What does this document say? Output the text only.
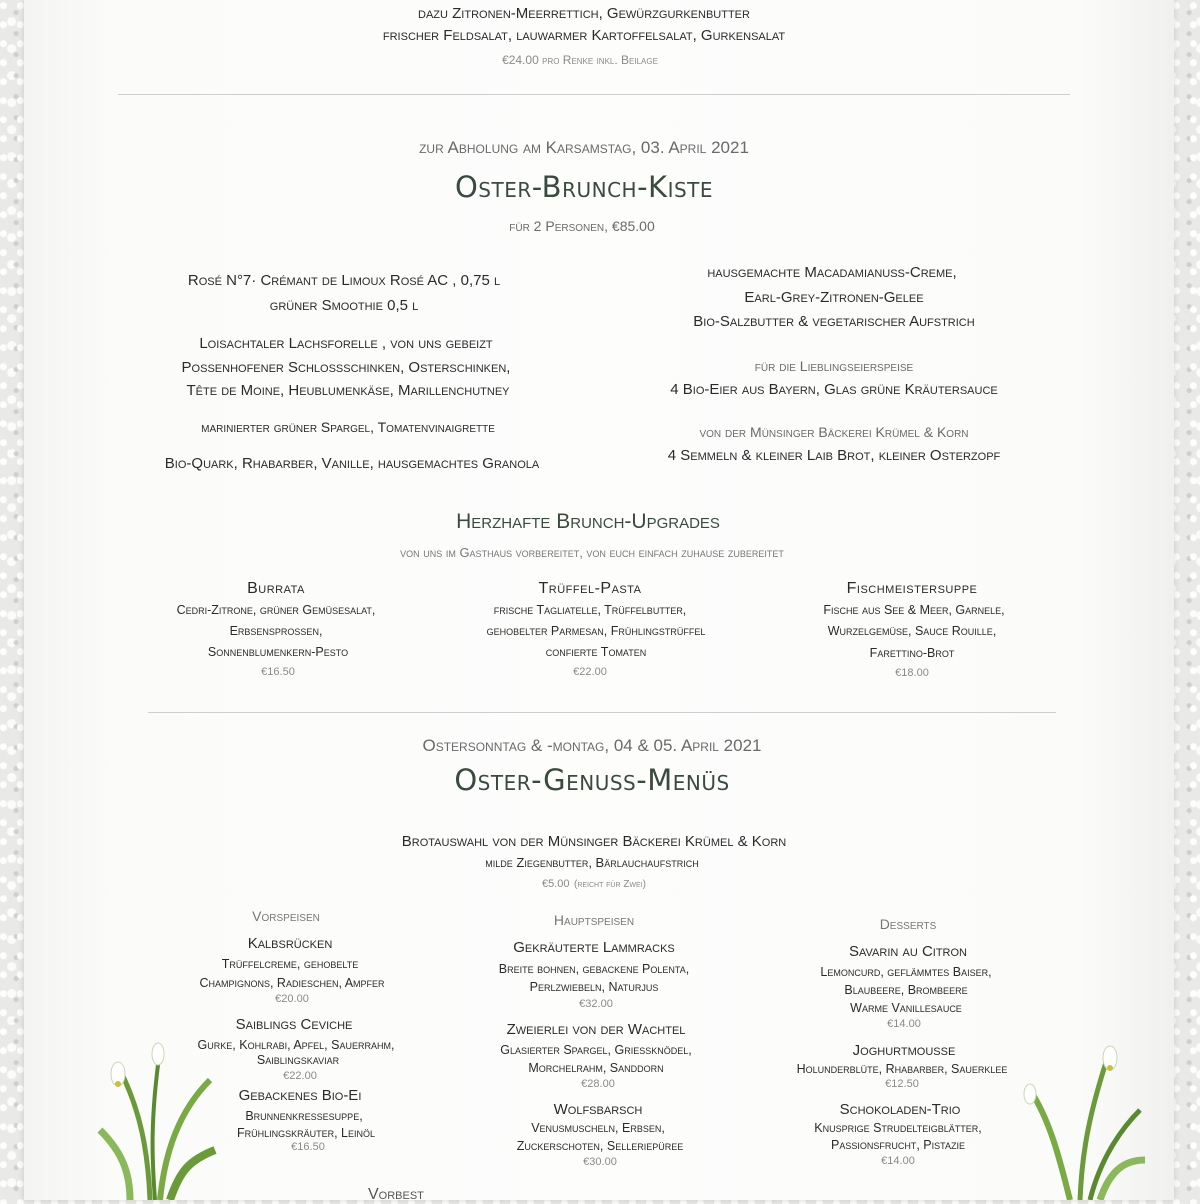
dazu Zitronen-Meerrettich, Gewürzgurkenbutter
frischer Feldsalat, lauwarmer Kartoffelsalat, Gurkensalat
€24.00 pro Renke inkl. Beilage
zur Abholung am Karsamstag, 03. April 2021
Oster-Brunch-Kiste
für 2 Personen, €85.00
Rosé N°7· Crémant de Limoux Rosé AC , 0,75 l
grüner Smoothie 0,5 l
Loisachtaler Lachsforelle , von uns gebeizt
Possenhofener Schlossschinken, Osterschinken,
Tête de Moine, Heublumenkäse, Marillenchutney
marinierter grüner Spargel, Tomatenvinaigrette
Bio-Quark, Rhabarber, Vanille, hausgemachtes Granola
hausgemachte Macadamianuss-Creme,
Earl-Grey-Zitronen-Gelee
Bio-Salzbutter & vegetarischer Aufstrich
für die Lieblingseierspeise
4 Bio-Eier aus Bayern, Glas grüne Kräutersauce
von der Münsinger Bäckerei Krümel & Korn
4 Semmeln & kleiner Laib Brot, kleiner Osterzopf
Herzhafte Brunch-Upgrades
von uns im Gasthaus vorbereitet, von euch einfach zuhause zubereitet
Burrata
Cedri-Zitrone, grüner Gemüsesalat,
Erbsensprossen,
Sonnenblumenkern-Pesto
€16.50
Trüffel-Pasta
frische Tagliatelle, Trüffelbutter,
gehobelter Parmesan, Frühlingstrüffel
confierte Tomaten
€22.00
Fischmeistersuppe
Fische aus See & Meer, Garnele,
Wurzelgemüse, Sauce Rouille,
Farettino-Brot
€18.00
Ostersonntag & -montag, 04 & 05. April 2021
Oster-Genuss-Menüs
Brotauswahl von der Münsinger Bäckerei Krümel & Korn
milde Ziegenbutter, Bärlauchaufstrich
€5.00 (reicht für Zwei)
Vorspeisen
Kalbsrücken
Trüffelcreme, gehobelte
Champignons, Radieschen, Ampfer
€20.00
Saiblings Ceviche
Gurke, Kohlrabi, Apfel, Sauerrahm,
Saiblingskaviar
€22.00
Gebackenes Bio-Ei
Brunnenkressesuppe,
Frühlingskräuter, Leinöl
€16.50
Hauptspeisen
Gekräuterte Lammracks
Breite bohnen, gebackene Polenta,
Perlzwiebeln, Naturjus
€32.00
Zweierlei von der Wachtel
Glasierter Spargel, Griessknödel,
Morchelrahm, Sanddorn
€28.00
Wolfsbarsch
Venusmuscheln, Erbsen,
Zuckerschoten, Selleriepüree
€30.00
Desserts
Savarin au Citron
Lemoncurd, geflämmtes Baiser,
Blaubeere, Brombeere
Warme Vanillesauce
€14.00
Joghurtmousse
Holunderblüte, Rhabarber, Sauerklee
€12.50
Schokoladen-Trio
Knusprige Strudelteigblätter,
Passionsfrucht, Pistazie
€14.00
Vorbest
